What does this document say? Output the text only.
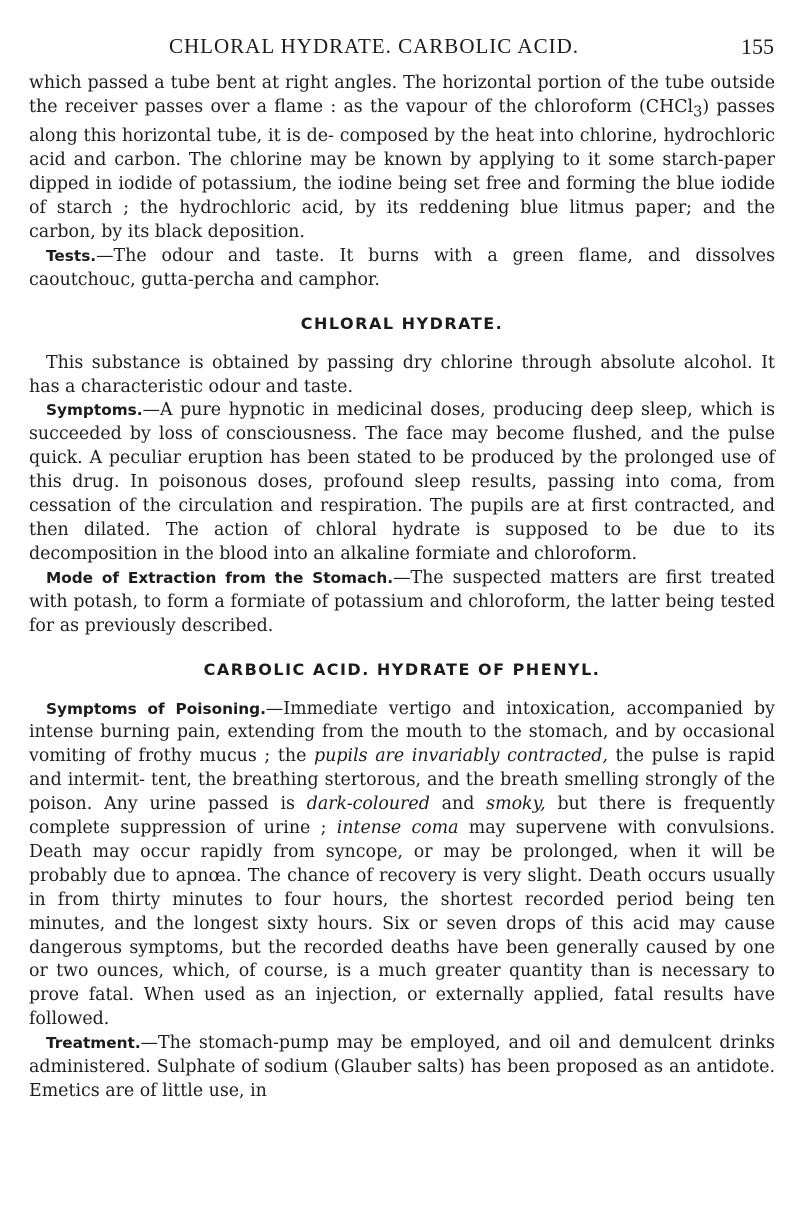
CHLORAL HYDRATE. CARBOLIC ACID.	155

which passed a tube bent at right angles. The horizontal portion of the tube outside the receiver passes over a flame : as the vapour of the chloroform (CHCl$_3$) passes along this horizontal tube, it is de- composed by the heat into chlorine, hydrochloric acid and carbon. The chlorine may be known by applying to it some starch-paper dipped in iodide of potassium, the iodine being set free and forming the blue iodide of starch ; the hydrochloric acid, by its reddening blue litmus paper; and the carbon, by its black deposition.

Tests.—The odour and taste. It burns with a green flame, and dissolves caoutchouc, gutta-percha and camphor.

CHLORAL HYDRATE.

This substance is obtained by passing dry chlorine through absolute alcohol. It has a characteristic odour and taste.

Symptoms.—A pure hypnotic in medicinal doses, producing deep sleep, which is succeeded by loss of consciousness. The face may become flushed, and the pulse quick. A peculiar eruption has been stated to be produced by the prolonged use of this drug. In poisonous doses, profound sleep results, passing into coma, from cessation of the circulation and respiration. The pupils are at first contracted, and then dilated. The action of chloral hydrate is supposed to be due to its decomposition in the blood into an alkaline formiate and chloroform.

Mode of Extraction from the Stomach.—The suspected matters are first treated with potash, to form a formiate of potassium and chloroform, the latter being tested for as previously described.

CARBOLIC ACID. HYDRATE OF PHENYL.

Symptoms of Poisoning.—Immediate vertigo and intoxication, accompanied by intense burning pain, extending from the mouth to the stomach, and by occasional vomiting of frothy mucus ; the pupils are invariably contracted, the pulse is rapid and intermit- tent, the breathing stertorous, and the breath smelling strongly of the poison. Any urine passed is dark-coloured and smoky, but there is frequently complete suppression of urine ; intense coma may supervene with convulsions. Death may occur rapidly from syncope, or may be prolonged, when it will be probably due to apnœa. The chance of recovery is very slight. Death occurs usually in from thirty minutes to four hours, the shortest recorded period being ten minutes, and the longest sixty hours. Six or seven drops of this acid may cause dangerous symptoms, but the recorded deaths have been generally caused by one or two ounces, which, of course, is a much greater quantity than is necessary to prove fatal. When used as an injection, or externally applied, fatal results have followed.

Treatment.—The stomach-pump may be employed, and oil and demulcent drinks administered. Sulphate of sodium (Glauber salts) has been proposed as an antidote. Emetics are of little use, in
